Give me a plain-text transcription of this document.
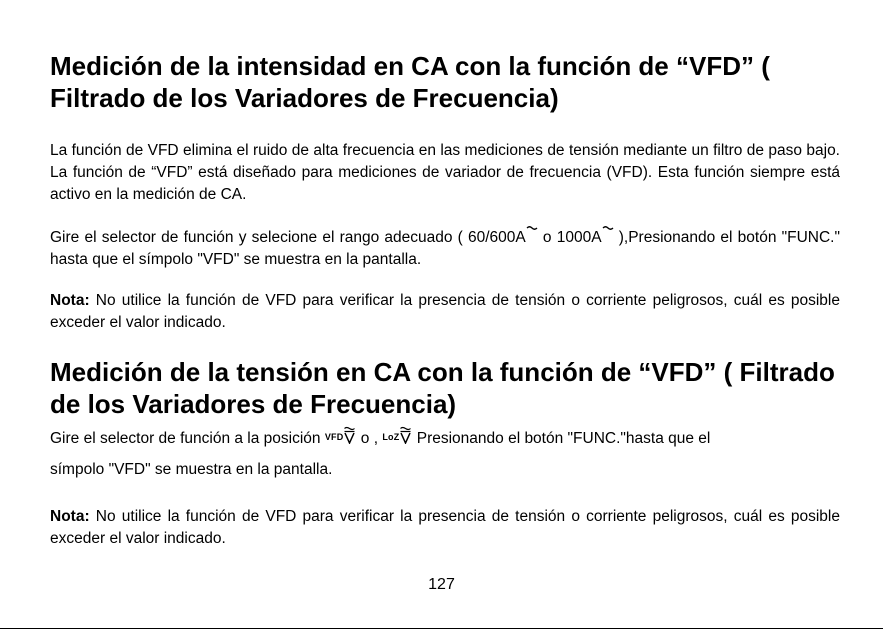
Medición de la intensidad en CA con la función de “VFD” ( Filtrado de los Variadores de Frecuencia)

La función de VFD elimina el ruido de alta frecuencia en las mediciones de tensión mediante un filtro de paso bajo. La función de “VFD” está diseñado para mediciones de variador de frecuencia (VFD). Esta función siempre está activo en la medición de CA.

Gire el selector de función y selecione el rango adecuado ( 60/600A o 1000A ),Presionando el botón "FUNC." hasta que el símpolo "VFD" se muestra en la pantalla.

Nota: No utilice la función de VFD para verificar la presencia de tensión o corriente peligrosos, cuál es posible exceder el valor indicado.

Medición de la tensión en CA con la función de “VFD” ( Filtrado de los Variadores de Frecuencia)

Gire el selector de función a la posición VFD o , LoZ Presionando el botón "FUNC."hasta que el

símpolo "VFD" se muestra en la pantalla.

Nota: No utilice la función de VFD para verificar la presencia de tensión o corriente peligrosos, cuál es posible exceder el valor indicado.

127
